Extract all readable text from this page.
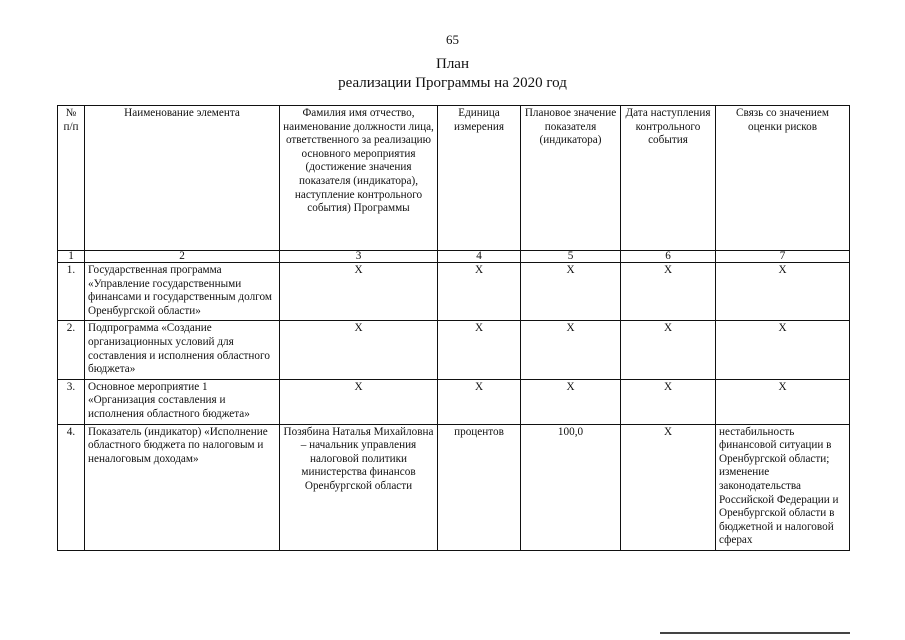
65
План
реализации Программы на 2020 год
№ п/п	Наименование элемента	Фамилия имя отчество, наименование должности лица, ответственного за реализацию основного мероприятия (достижение значения показателя (индикатора), наступление контрольного события) Программы	Единица измерения	Плановое значение показателя (индикатора)	Дата наступления контрольного события	Связь со значением оценки рисков
1	2	3	4	5	6	7
1.	Государственная программа «Управление государственными финансами и государственным долгом Оренбургской области»	X	X	X	X	X
2.	Подпрограмма «Создание организационных условий для составления и исполнения областного бюджета»	X	X	X	X	X
3.	Основное мероприятие 1 «Организация составления и исполнения областного бюджета»	X	X	X	X	X
4.	Показатель (индикатор) «Исполнение областного бюджета по налоговым и неналоговым доходам»	Позябина Наталья Михайловна – начальник управления налоговой политики министерства финансов Оренбургской области	процентов	100,0	X	нестабильность финансовой ситуации в Оренбургской области; изменение законодательства Российской Федерации и Оренбургской области в бюджетной и налоговой сферах
